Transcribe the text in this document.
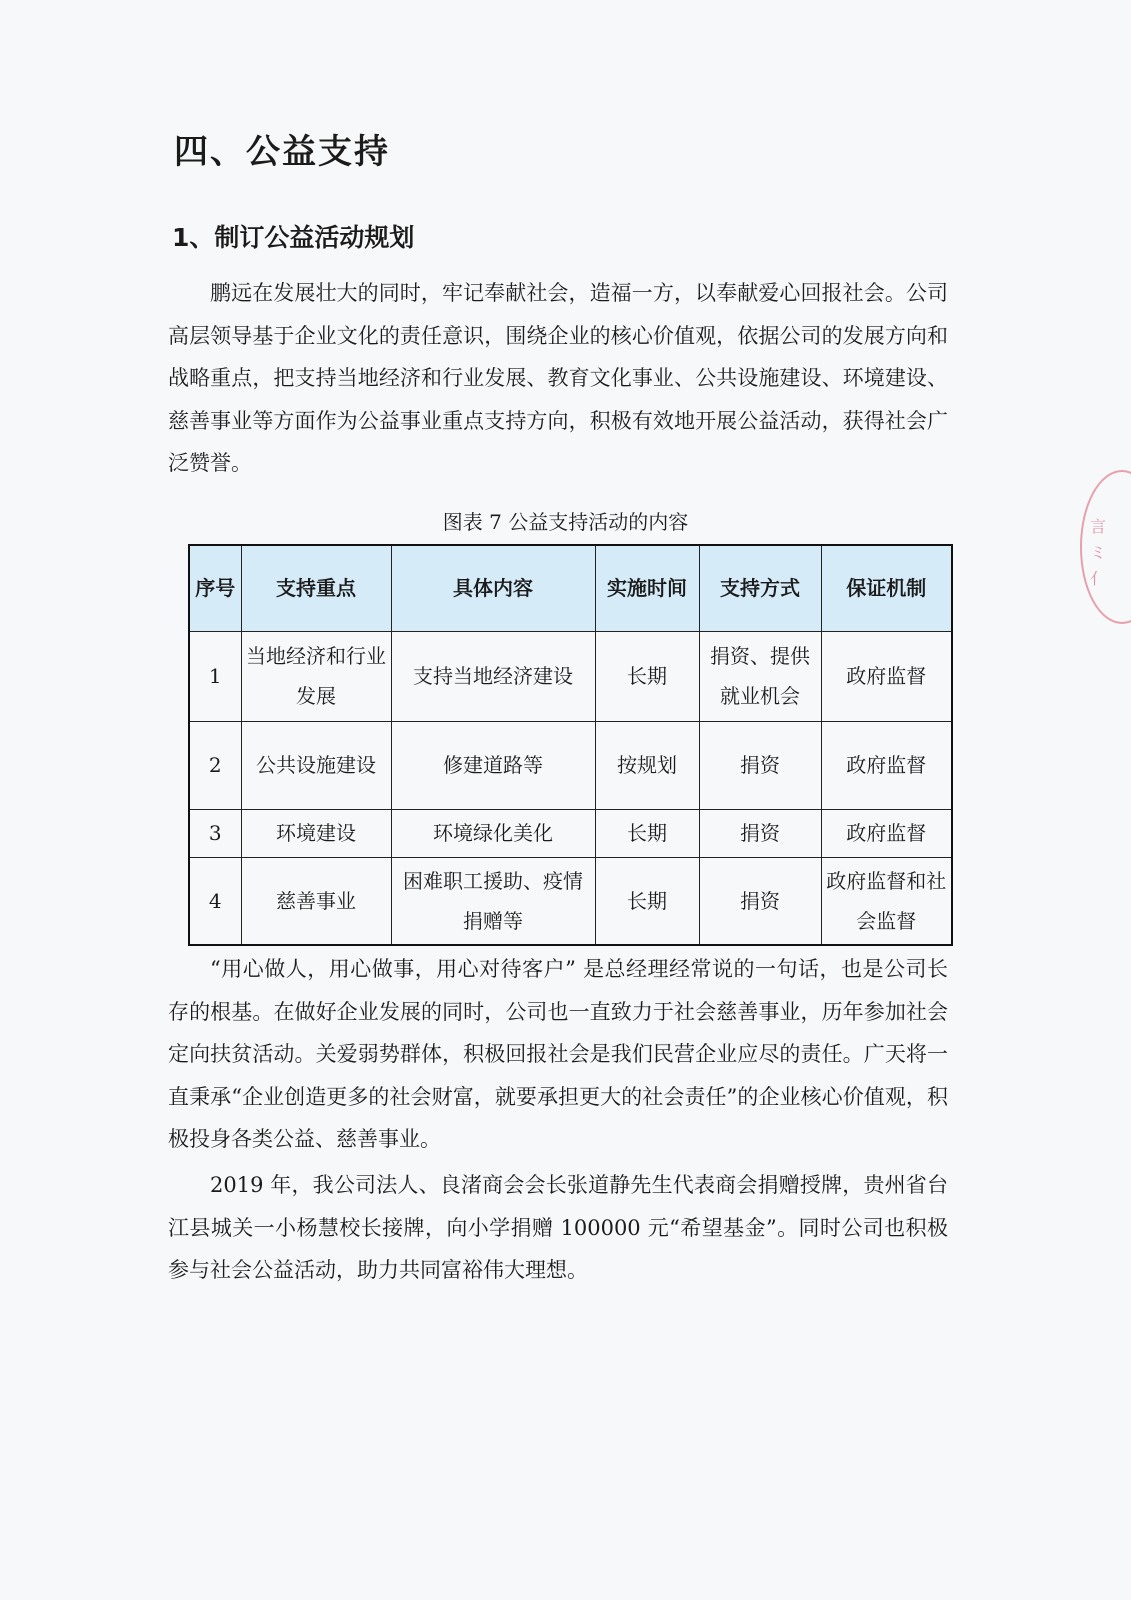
四、公益支持
1、制订公益活动规划

鹏远在发展壮大的同时，牢记奉献社会，造福一方，以奉献爱心回报社会。公司高层领导基于企业文化的责任意识，围绕企业的核心价值观，依据公司的发展方向和战略重点，把支持当地经济和行业发展、教育文化事业、公共设施建设、环境建设、慈善事业等方面作为公益事业重点支持方向，积极有效地开展公益活动，获得社会广泛赞誉。

图表 7 公益支持活动的内容

序号	支持重点	具体内容	实施时间	支持方式	保证机制
1	当地经济和行业发展	支持当地经济建设	长期	捐资、提供就业机会	政府监督
2	公共设施建设	修建道路等	按规划	捐资	政府监督
3	环境建设	环境绿化美化	长期	捐资	政府监督
4	慈善事业	困难职工援助、疫情捐赠等	长期	捐资	政府监督和社会监督

“用心做人，用心做事，用心对待客户” 是总经理经常说的一句话，也是公司长存的根基。在做好企业发展的同时，公司也一直致力于社会慈善事业，历年参加社会定向扶贫活动。关爱弱势群体，积极回报社会是我们民营企业应尽的责任。广天将一直秉承“企业创造更多的社会财富，就要承担更大的社会责任”的企业核心价值观，积极投身各类公益、慈善事业。

2019 年，我公司法人、良渚商会会长张道静先生代表商会捐赠授牌，贵州省台江县城关一小杨慧校长接牌，向小学捐赠 100000 元“希望基金”。同时公司也积极参与社会公益活动，助力共同富裕伟大理想。

言ミ亻
